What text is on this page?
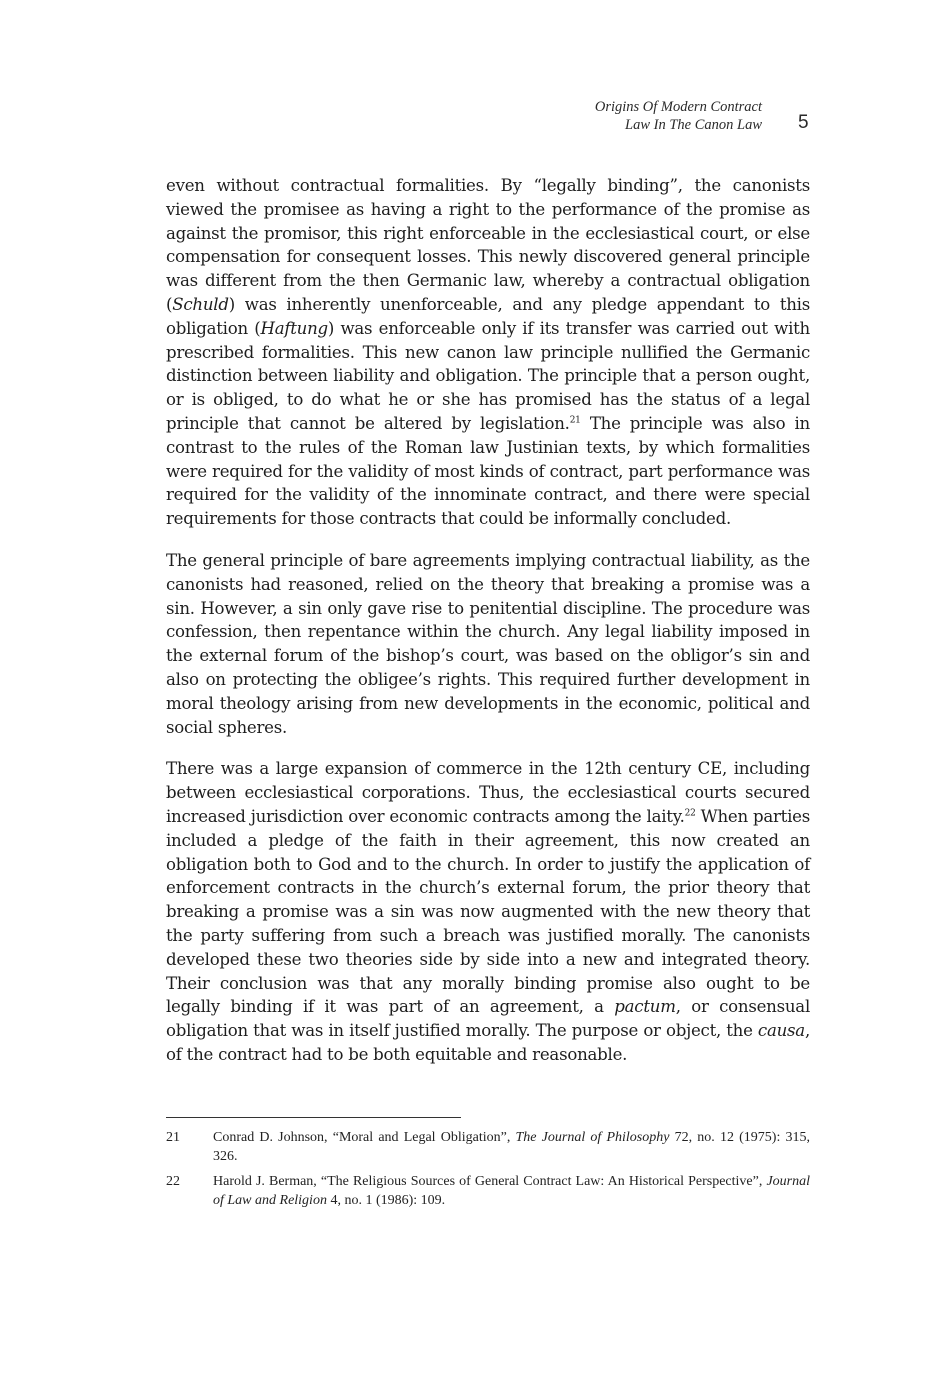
Origins Of Modern Contract
Law In The Canon Law 5

even without contractual formalities. By “legally binding”, the canonists viewed the promisee as having a right to the performance of the promise as against the promisor, this right enforceable in the ecclesiastical court, or else compensation for consequent losses. This newly discovered general principle was different from the then Germanic law, whereby a contractual obligation (Schuld) was inherently unenforceable, and any pledge appendant to this obligation (Haftung) was enforceable only if its transfer was carried out with prescribed formalities. This new canon law principle nullified the Germanic distinction between liability and obligation. The principle that a person ought, or is obliged, to do what he or she has promised has the status of a legal principle that cannot be altered by legislation.$^{21}$ The principle was also in contrast to the rules of the Roman law Justinian texts, by which formalities were required for the validity of most kinds of contract, part performance was required for the validity of the innominate contract, and there were special requirements for those contracts that could be informally concluded.

The general principle of bare agreements implying contractual liability, as the canonists had reasoned, relied on the theory that breaking a promise was a sin. However, a sin only gave rise to penitential discipline. The procedure was confession, then repentance within the church. Any legal liability imposed in the external forum of the bishop’s court, was based on the obligor’s sin and also on protecting the obligee’s rights. This required further development in moral theology arising from new developments in the economic, political and social spheres.

There was a large expansion of commerce in the 12th century CE, including between ecclesiastical corporations. Thus, the ecclesiastical courts secured increased jurisdiction over economic contracts among the laity.$^{22}$ When parties included a pledge of the faith in their agreement, this now created an obligation both to God and to the church. In order to justify the application of enforcement contracts in the church’s external forum, the prior theory that breaking a promise was a sin was now augmented with the new theory that the party suffering from such a breach was justified morally. The canonists developed these two theories side by side into a new and integrated theory. Their conclusion was that any morally binding promise also ought to be legally binding if it was part of an agreement, a pactum, or consensual obligation that was in itself justified morally. The purpose or object, the causa, of the contract had to be both equitable and reasonable.

21	Conrad D. Johnson, “Moral and Legal Obligation”, The Journal of Philosophy 72, no. 12 (1975): 315, 326.
22	Harold J. Berman, “The Religious Sources of General Contract Law: An Historical Perspective”, Journal of Law and Religion 4, no. 1 (1986): 109.
